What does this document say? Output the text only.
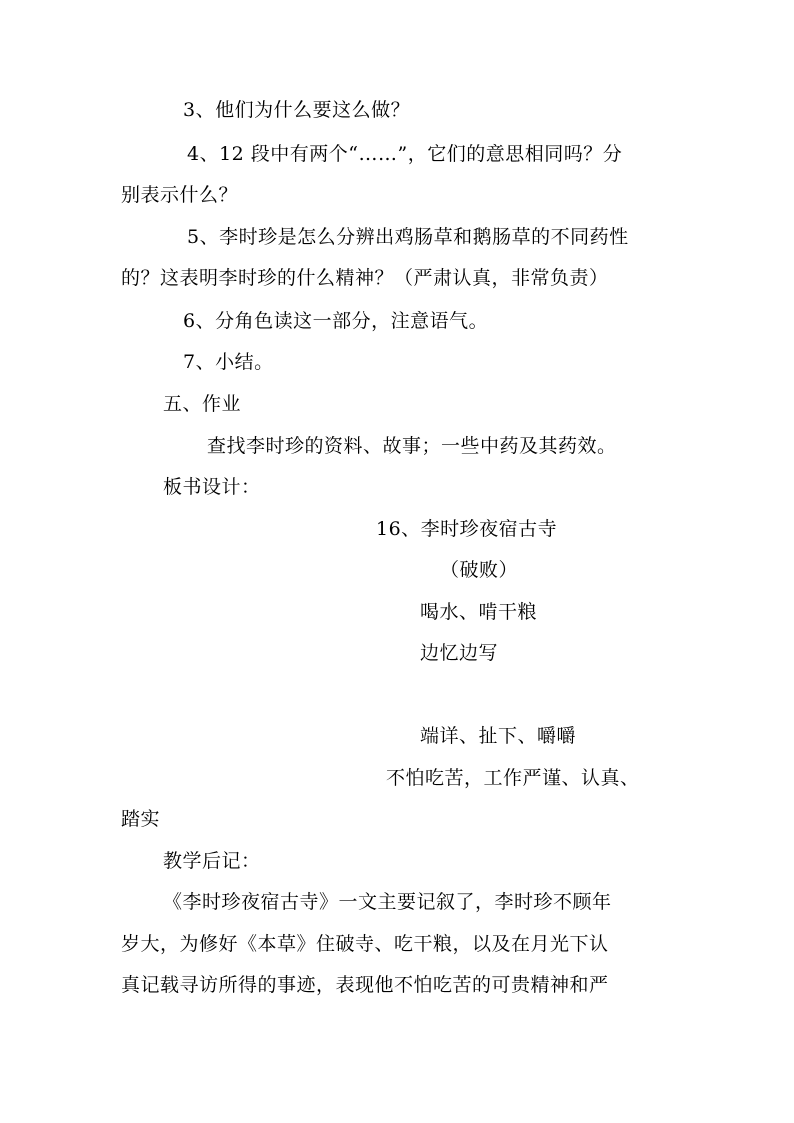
3、他们为什么要这么做？
4、12 段中有两个“……”，它们的意思相同吗？分
别表示什么？
5、李时珍是怎么分辨出鸡肠草和鹅肠草的不同药性
的？这表明李时珍的什么精神？（严肃认真，非常负责）
6、分角色读这一部分，注意语气。
7、小结。
五、作业
查找李时珍的资料、故事；一些中药及其药效。
板书设计：
16、李时珍夜宿古寺
（破败）
喝水、啃干粮
边忆边写
端详、扯下、嚼嚼
不怕吃苦，工作严谨、认真、
踏实
教学后记：
《李时珍夜宿古寺》一文主要记叙了，李时珍不顾年
岁大，为修好《本草》住破寺、吃干粮，以及在月光下认
真记载寻访所得的事迹，表现他不怕吃苦的可贵精神和严
